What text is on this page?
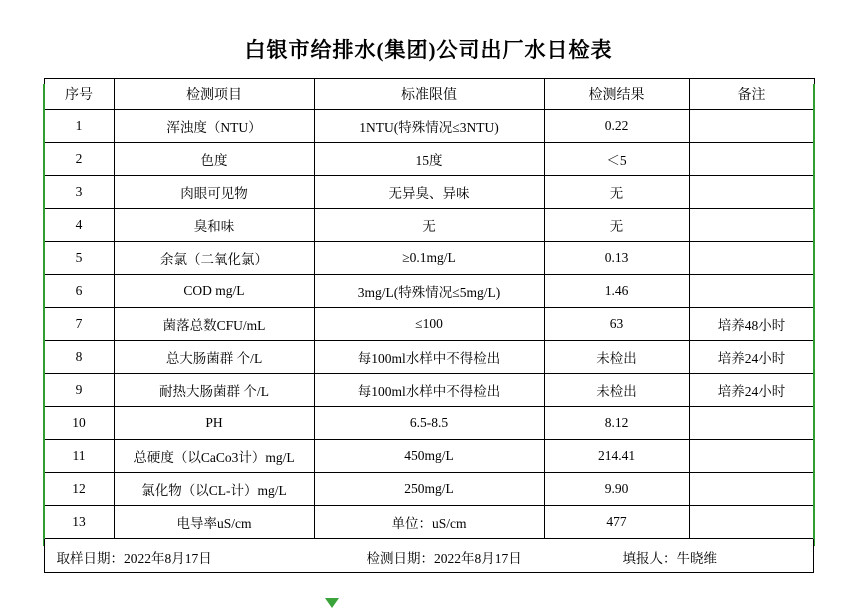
白银市给排水(集团)公司出厂水日检表
序号	检测项目	标准限值	检测结果	备注
1	浑浊度（NTU）	1NTU(特殊情况≤3NTU)	0.22	
2	色度	15度	＜5	
3	肉眼可见物	无异臭、异味	无	
4	臭和味	无	无	
5	余氯（二氧化氯）	≥0.1mg/L	0.13	
6	COD mg/L	3mg/L(特殊情况≤5mg/L)	1.46	
7	菌落总数CFU/mL	≤100	63	培养48小时
8	总大肠菌群 个/L	每100ml水样中不得检出	未检出	培养24小时
9	耐热大肠菌群 个/L	每100ml水样中不得检出	未检出	培养24小时
10	PH	6.5-8.5	8.12	
11	总硬度（以CaCo3计）mg/L	450mg/L	214.41	
12	氯化物（以CL-计）mg/L	250mg/L	9.90	
13	电导率uS/cm	单位：uS/cm	477	
取样日期：2022年8月17日	检测日期：2022年8月17日	填报人：牛晓维
